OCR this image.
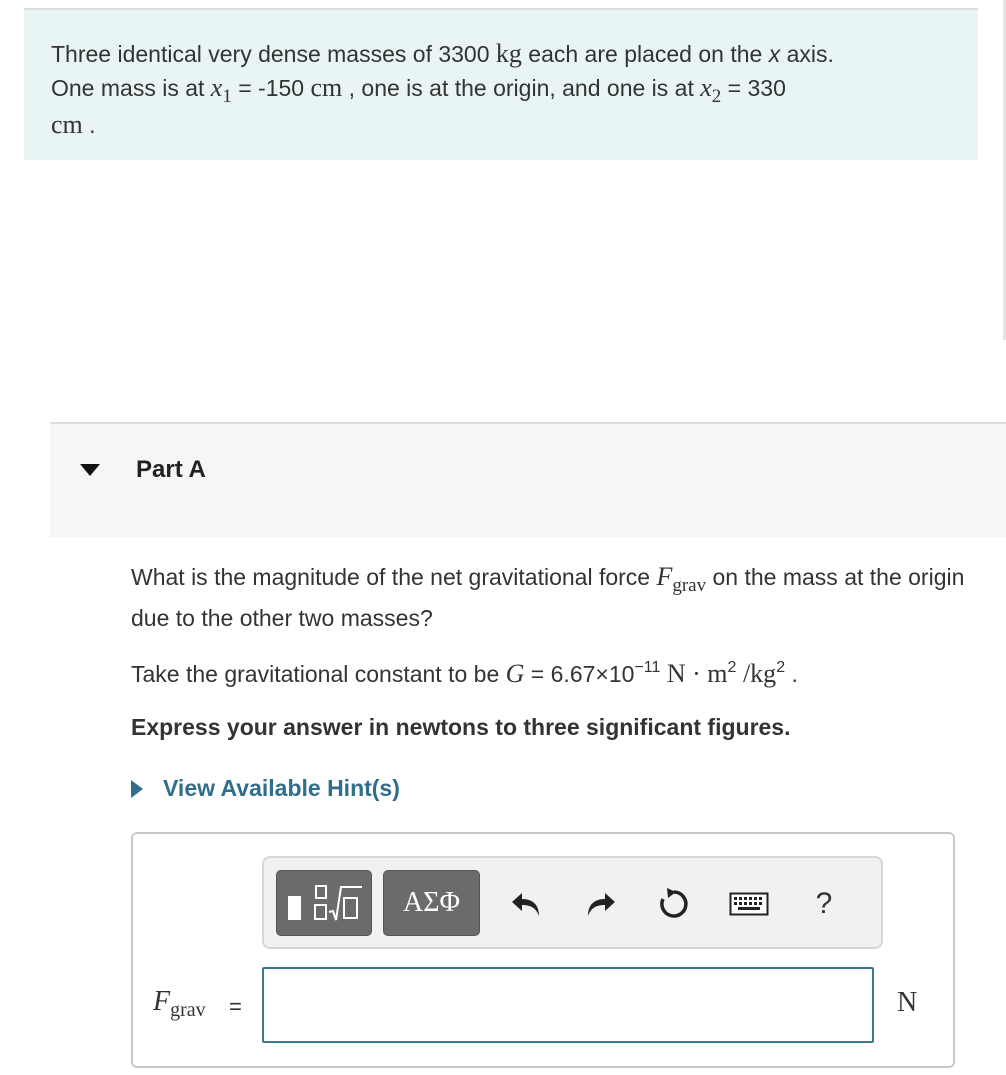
Three identical very dense masses of 3300 kg each are placed on the x axis.
One mass is at $x_1 = -150$ cm , one is at the origin, and one is at $x_2 = 330$
cm .
Part A
What is the magnitude of the net gravitational force $F_{grav}$ on the mass at the origin due to the other two masses?
Take the gravitational constant to be $G = 6.67\times 10^{-11}$ $N \cdot m^2$ $/kg^2$ .
Express your answer in newtons to three significant figures.
View Available Hint(s)
ΑΣΦ	?
Fgrav =	N
